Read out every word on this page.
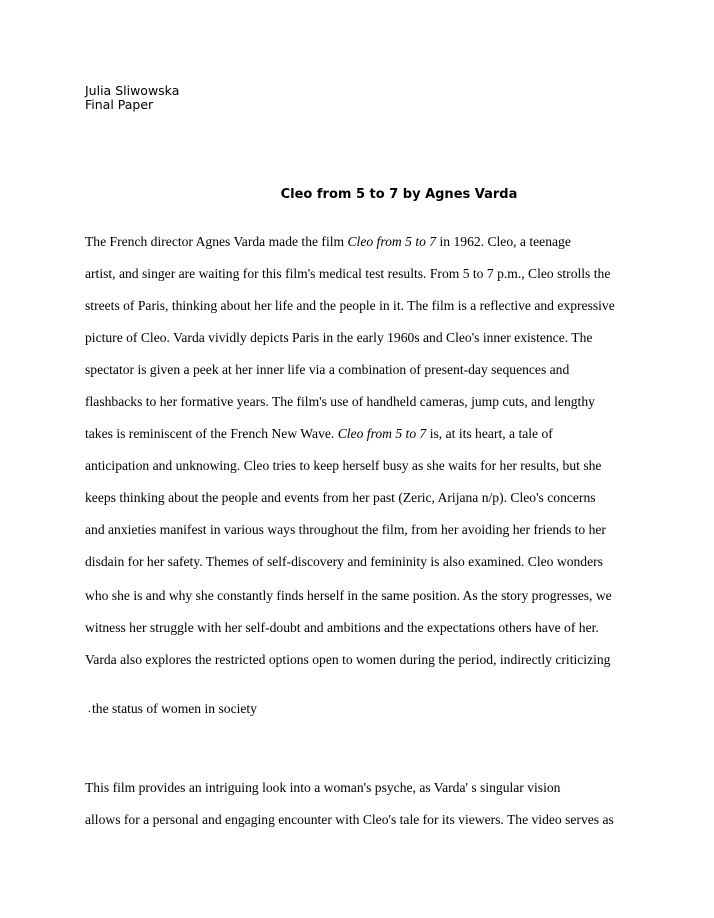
Julia Sliwowska
Final Paper
Cleo from 5 to 7 by Agnes Varda
The French director Agnes Varda made the film Cleo from 5 to 7 in 1962. Cleo, a teenage
artist, and singer are waiting for this film's medical test results. From 5 to 7 p.m., Cleo strolls the
streets of Paris, thinking about her life and the people in it. The film is a reflective and expressive
picture of Cleo. Varda vividly depicts Paris in the early 1960s and Cleo's inner existence. The
spectator is given a peek at her inner life via a combination of present-day sequences and
flashbacks to her formative years. The film's use of handheld cameras, jump cuts, and lengthy
takes is reminiscent of the French New Wave. Cleo from 5 to 7 is, at its heart, a tale of
anticipation and unknowing. Cleo tries to keep herself busy as she waits for her results, but she
keeps thinking about the people and events from her past (Zeric, Arijana n/p). Cleo's concerns
and anxieties manifest in various ways throughout the film, from her avoiding her friends to her
disdain for her safety. Themes of self-discovery and femininity is also examined. Cleo wonders
who she is and why she constantly finds herself in the same position. As the story progresses, we
witness her struggle with her self-doubt and ambitions and the expectations others have of her.
Varda also explores the restricted options open to women during the period, indirectly criticizing
. the status of women in society
This film provides an intriguing look into a woman's psyche, as Varda' s singular vision
allows for a personal and engaging encounter with Cleo's tale for its viewers. The video serves as
